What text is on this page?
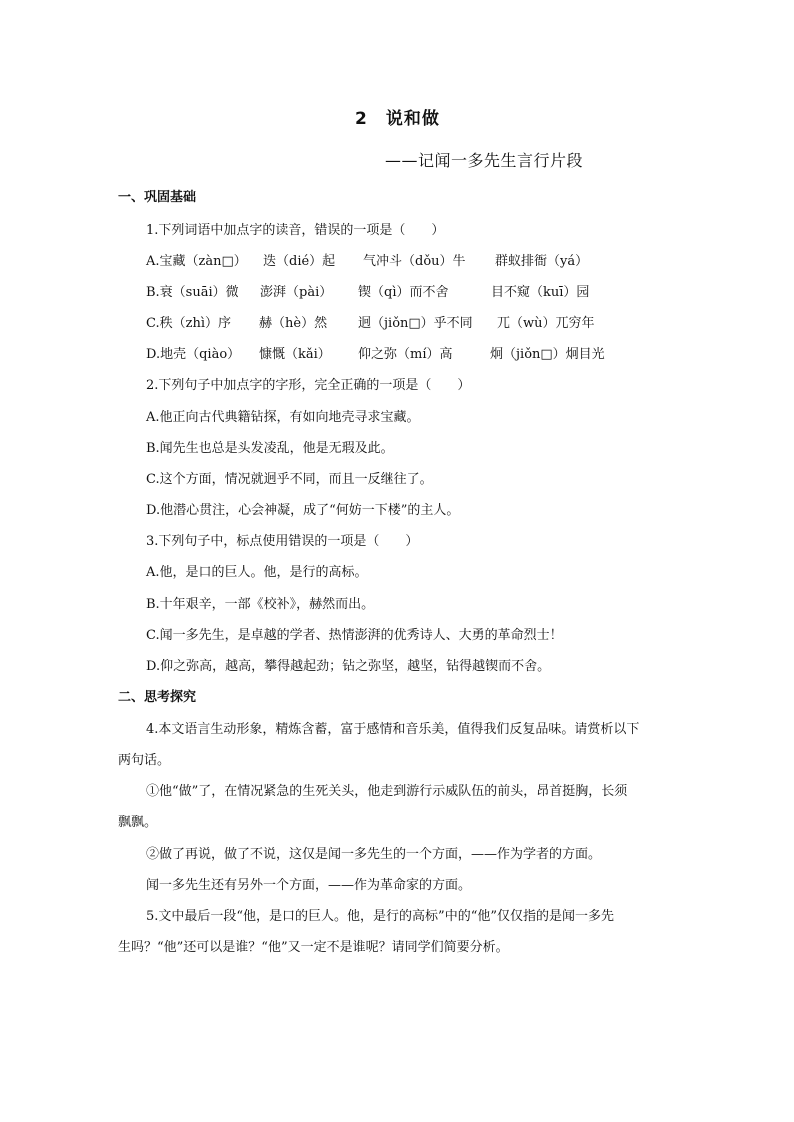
2　说和做
——记闻一多先生言行片段
一、巩固基础
1.下列词语中加点字的读音，错误的一项是（　　）
A.宝藏（zàn□） 迭（dié）起 气冲斗（dǒu）牛 群蚁排衙（yá）
B.衰（suāi）微 澎湃（pài） 锲（qì）而不舍	目不窥（kuī）园
C.秩（zhì）序 赫（hè）然 迥（jiǒn□）乎不同 兀（wù）兀穷年
D.地壳（qiào） 慷慨（kǎi） 仰之弥（mí）高	炯（jiǒn□）炯目光
2.下列句子中加点字的字形，完全正确的一项是（　　）
A.他正向古代典籍钻探，有如向地壳寻求宝藏。
B.闻先生也总是头发凌乱，他是无瑕及此。
C.这个方面，情况就迥乎不同，而且一反继往了。
D.他潜心贯注，心会神凝，成了“何妨一下楼”的主人。
3.下列句子中，标点使用错误的一项是（　　）
A.他，是口的巨人。他，是行的高标。
B.十年艰辛，一部《校补》，赫然而出。
C.闻一多先生，是卓越的学者、热情澎湃的优秀诗人、大勇的革命烈士！
D.仰之弥高，越高，攀得越起劲；钻之弥坚，越坚，钻得越锲而不舍。
二、思考探究
4.本文语言生动形象，精炼含蓄，富于感情和音乐美，值得我们反复品味。请赏析以下
两句话。
①他“做”了，在情况紧急的生死关头，他走到游行示威队伍的前头，昂首挺胸，长须
飘飘。
②做了再说，做了不说，这仅是闻一多先生的一个方面，——作为学者的方面。
闻一多先生还有另外一个方面，——作为革命家的方面。
5.文中最后一段“他，是口的巨人。他，是行的高标”中的“他”仅仅指的是闻一多先
生吗？“他”还可以是谁？“他”又一定不是谁呢？请同学们简要分析。
